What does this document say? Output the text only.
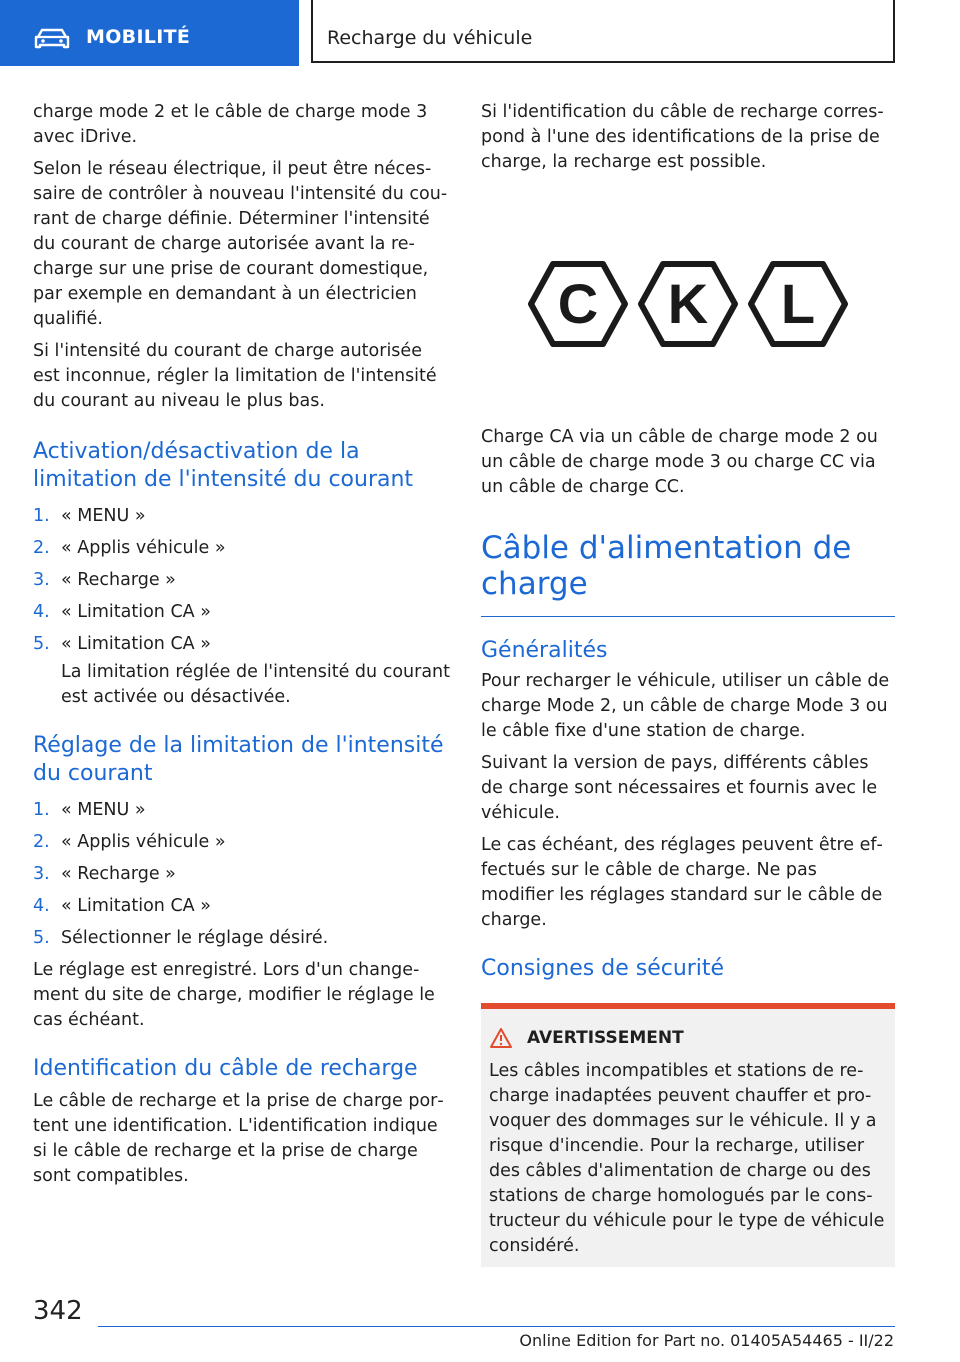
MOBILITÉ	Recharge du véhicule

charge mode 2 et le câble de charge mode 3 avec iDrive.

Selon le réseau électrique, il peut être nécessaire de contrôler à nouveau l'intensité du courant de charge définie. Déterminer l'intensité du courant de charge autorisée avant la recharge sur une prise de courant domestique, par exemple en demandant à un électricien qualifié.

Si l'intensité du courant de charge autorisée est inconnue, régler la limitation de l'intensité du courant au niveau le plus bas.

Activation/désactivation de la limitation de l'intensité du courant
1. « MENU »
2. « Applis véhicule »
3. « Recharge »
4. « Limitation CA »
5. « Limitation CA »
La limitation réglée de l'intensité du courant est activée ou désactivée.
Réglage de la limitation de l'intensité du courant
1. « MENU »
2. « Applis véhicule »
3. « Recharge »
4. « Limitation CA »
5. Sélectionner le réglage désiré.

Le réglage est enregistré. Lors d'un changement du site de charge, modifier le réglage le cas échéant.

Identification du câble de recharge

Le câble de recharge et la prise de charge portent une identification. L'identification indique si le câble de recharge et la prise de charge sont compatibles.

Si l'identification du câble de recharge correspond à l'une des identifications de la prise de charge, la recharge est possible.

C K L

Charge CA via un câble de charge mode 2 ou un câble de charge mode 3 ou charge CC via un câble de charge CC.

Câble d'alimentation de charge
Généralités

Pour recharger le véhicule, utiliser un câble de charge Mode 2, un câble de charge Mode 3 ou le câble fixe d'une station de charge.

Suivant la version de pays, différents câbles de charge sont nécessaires et fournis avec le véhicule.

Le cas échéant, des réglages peuvent être effectués sur le câble de charge. Ne pas modifier les réglages standard sur le câble de charge.

Consignes de sécurité
AVERTISSEMENT

Les câbles incompatibles et stations de recharge inadaptées peuvent chauffer et provoquer des dommages sur le véhicule. Il y a risque d'incendie. Pour la recharge, utiliser des câbles d'alimentation de charge ou des stations de charge homologués par le constructeur du véhicule pour le type de véhicule considéré.

342
Online Edition for Part no. 01405A54465 - II/22
